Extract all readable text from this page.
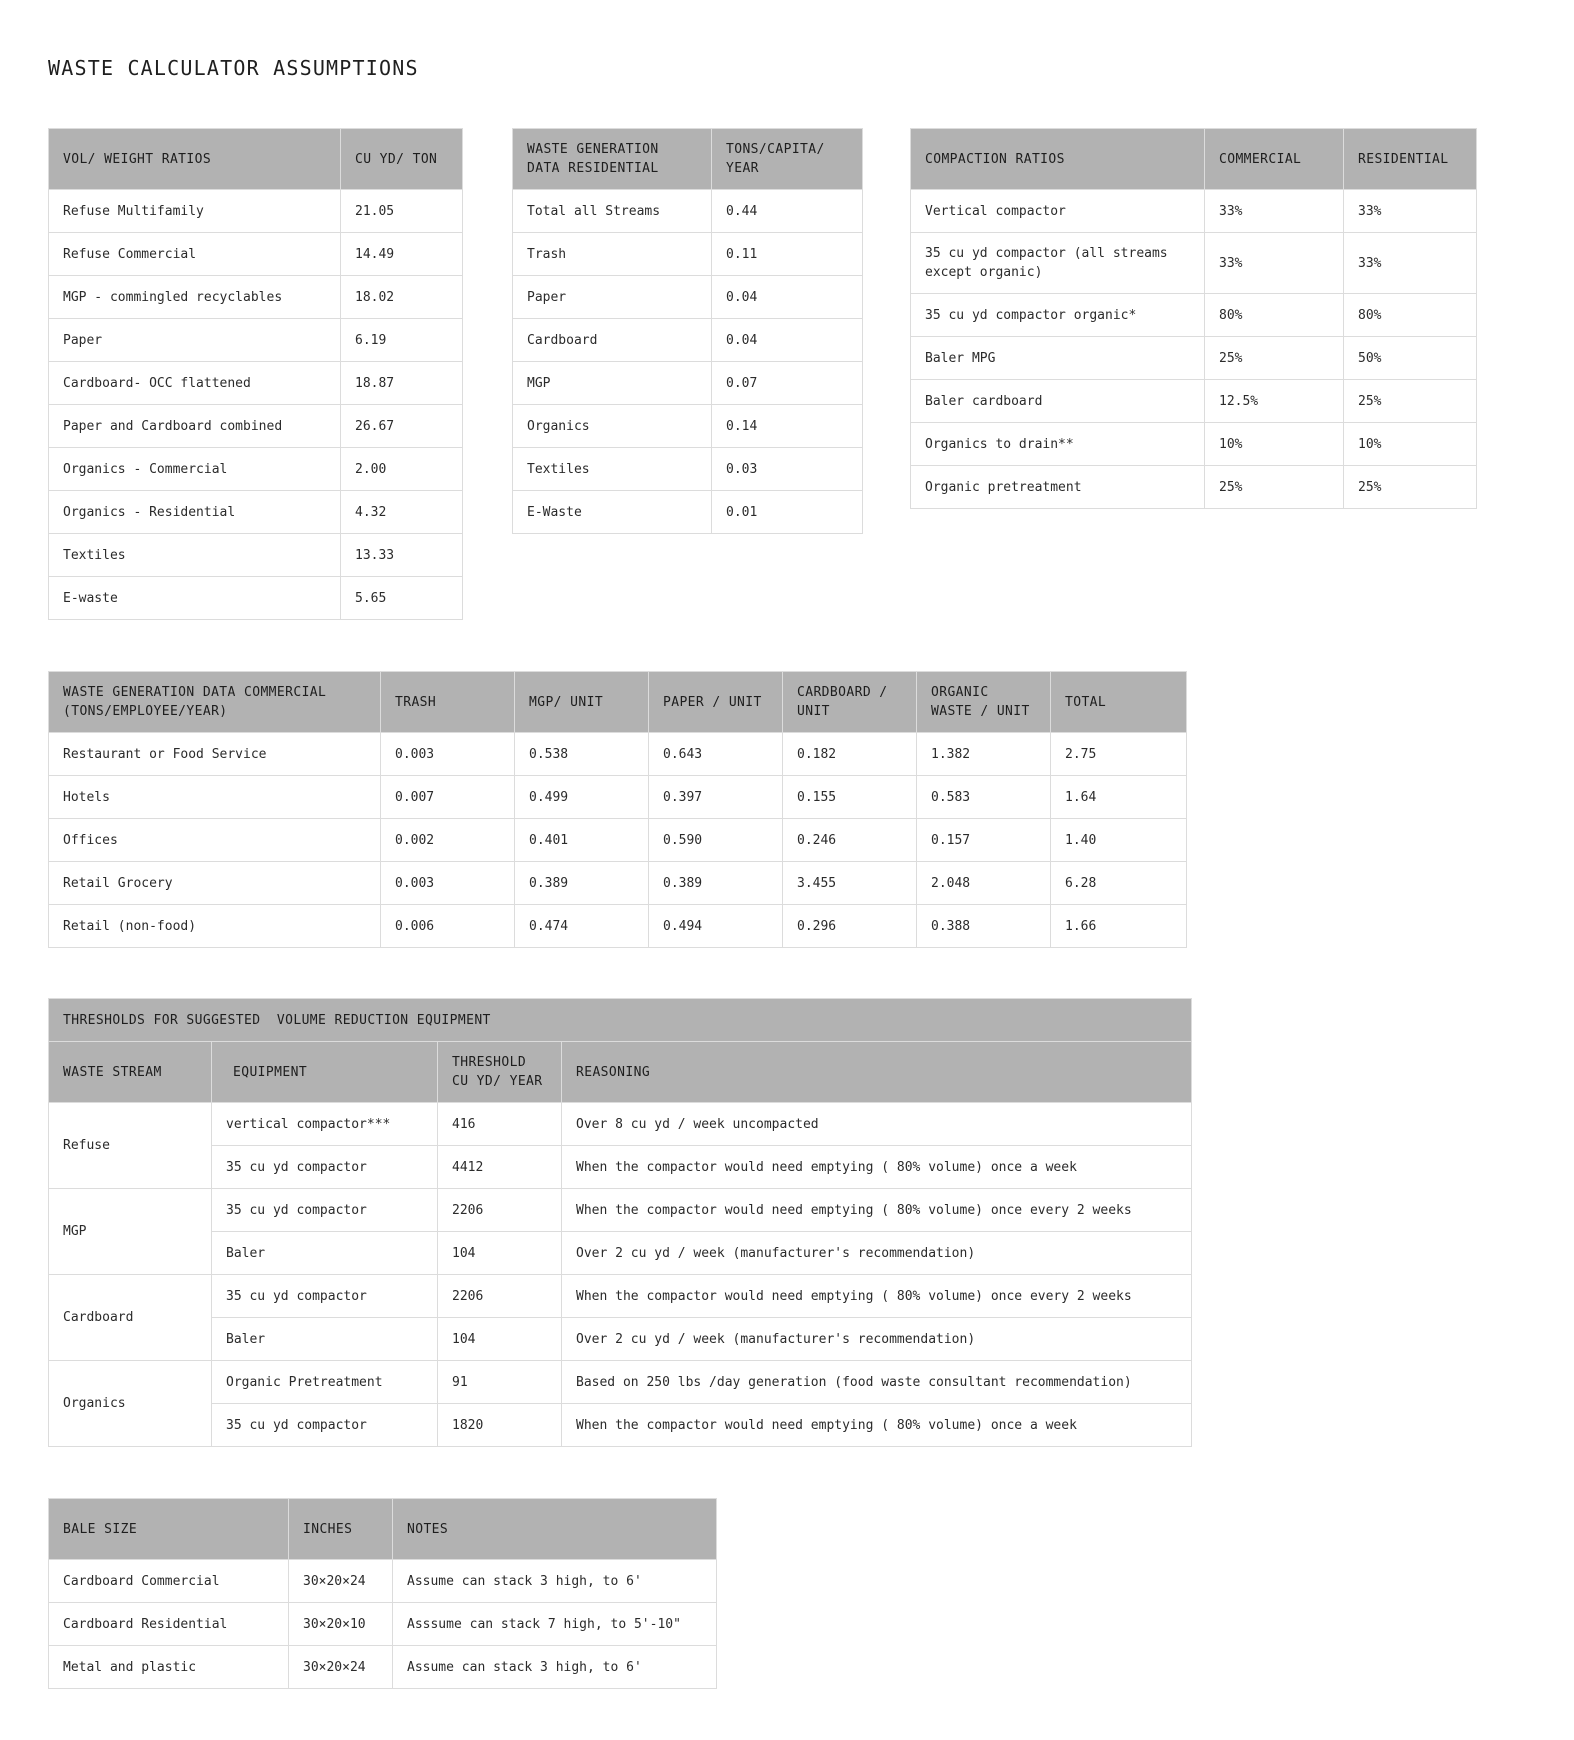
WASTE CALCULATOR ASSUMPTIONS
VOL/ WEIGHT RATIOS	CU YD/ TON
Refuse Multifamily	21.05
Refuse Commercial	14.49
MGP - commingled recyclables	18.02
Paper	6.19
Cardboard- OCC flattened	18.87
Paper and Cardboard combined	26.67
Organics - Commercial	2.00
Organics - Residential	4.32
Textiles	13.33
E-waste	5.65
WASTE GENERATION DATA RESIDENTIAL	TONS/CAPITA/ YEAR
Total all Streams	0.44
Trash	0.11
Paper	0.04
Cardboard	0.04
MGP	0.07
Organics	0.14
Textiles	0.03
E-Waste	0.01
COMPACTION RATIOS	COMMERCIAL	RESIDENTIAL
Vertical compactor	33%	33%
35 cu yd compactor (all streams except organic)	33%	33%
35 cu yd compactor organic*	80%	80%
Baler MPG	25%	50%
Baler cardboard	12.5%	25%
Organics to drain**	10%	10%
Organic pretreatment	25%	25%
WASTE GENERATION DATA COMMERCIAL (TONS/EMPLOYEE/YEAR)	TRASH	MGP/ UNIT	PAPER / UNIT	CARDBOARD / UNIT	ORGANIC WASTE / UNIT	TOTAL
Restaurant or Food Service	0.003	0.538	0.643	0.182	1.382	2.75
Hotels	0.007	0.499	0.397	0.155	0.583	1.64
Offices	0.002	0.401	0.590	0.246	0.157	1.40
Retail Grocery	0.003	0.389	0.389	3.455	2.048	6.28
Retail (non-food)	0.006	0.474	0.494	0.296	0.388	1.66
THRESHOLDS FOR SUGGESTED  VOLUME REDUCTION EQUIPMENT			
WASTE STREAM	EQUIPMENT	THRESHOLD CU YD/ YEAR	REASONING
Refuse	vertical compactor***	416	Over 8 cu yd / week uncompacted
	35 cu yd compactor	4412	When the compactor would need emptying ( 80% volume) once a week
MGP	35 cu yd compactor	2206	When the compactor would need emptying ( 80% volume) once every 2 weeks
	Baler	104	Over 2 cu yd / week (manufacturer's recommendation)
Cardboard	35 cu yd compactor	2206	When the compactor would need emptying ( 80% volume) once every 2 weeks
	Baler	104	Over 2 cu yd / week (manufacturer's recommendation)
Organics	Organic Pretreatment	91	Based on 250 lbs /day generation (food waste consultant recommendation)
	35 cu yd compactor	1820	When the compactor would need emptying ( 80% volume) once a week
BALE SIZE	INCHES	NOTES
Cardboard Commercial	30×20×24	Assume can stack 3 high, to 6'
Cardboard Residential	30×20×10	Asssume can stack 7 high, to 5'-10"
Metal and plastic	30×20×24	Assume can stack 3 high, to 6'
